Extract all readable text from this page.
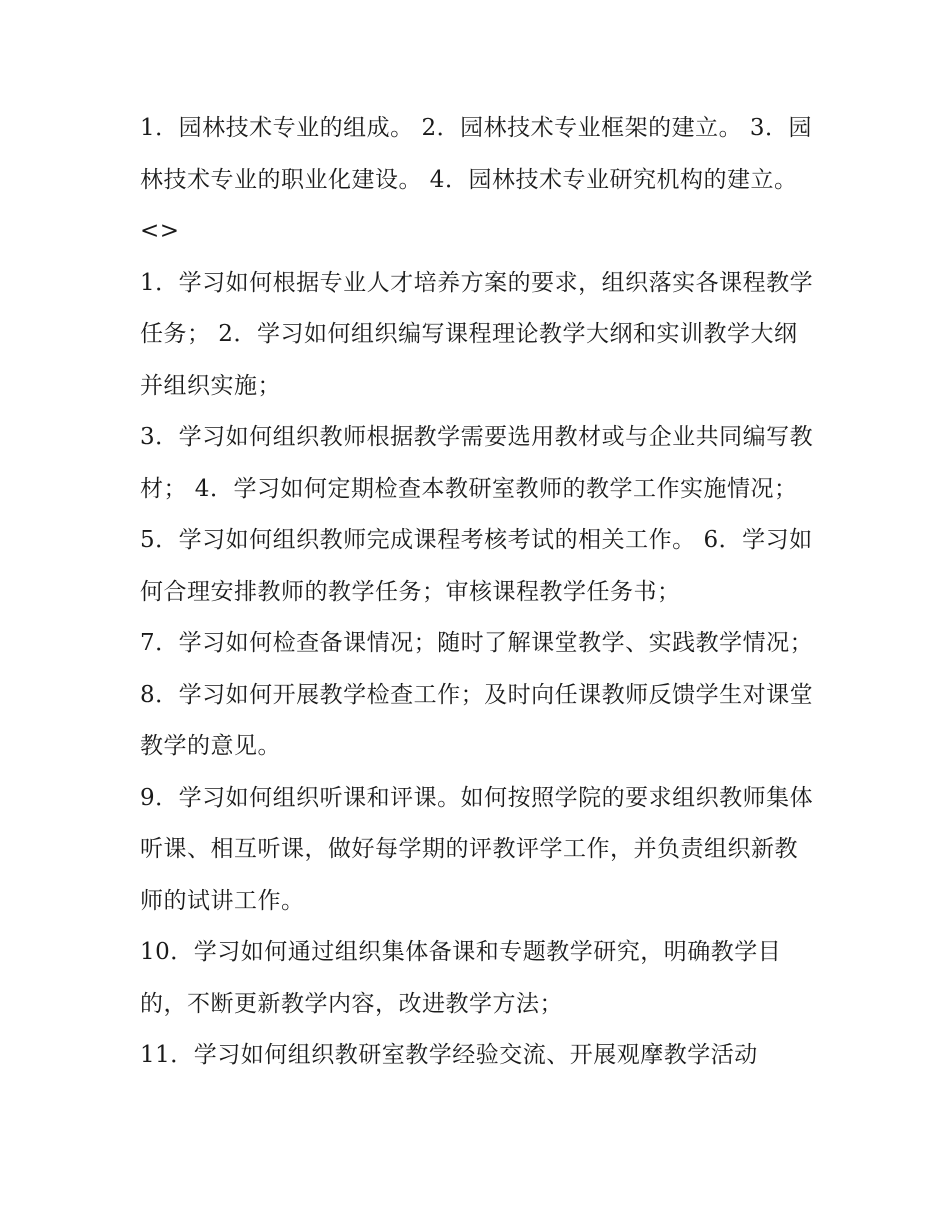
1．园林技术专业的组成。 2．园林技术专业框架的建立。 3．园林技术专业的职业化建设。 4．园林技术专业研究机构的建立。 <>

1．学习如何根据专业人才培养方案的要求，组织落实各课程教学任务； 2．学习如何组织编写课程理论教学大纲和实训教学大纲并组织实施；

3．学习如何组织教师根据教学需要选用教材或与企业共同编写教材； 4．学习如何定期检查本教研室教师的教学工作实施情况；

5．学习如何组织教师完成课程考核考试的相关工作。 6．学习如何合理安排教师的教学任务；审核课程教学任务书；

7．学习如何检查备课情况；随时了解课堂教学、实践教学情况； 8．学习如何开展教学检查工作；及时向任课教师反馈学生对课堂教学的意见。

9．学习如何组织听课和评课。如何按照学院的要求组织教师集体听课、相互听课，做好每学期的评教评学工作，并负责组织新教师的试讲工作。

10．学习如何通过组织集体备课和专题教学研究，明确教学目的，不断更新教学内容，改进教学方法；

11．学习如何组织教研室教学经验交流、开展观摩教学活动
